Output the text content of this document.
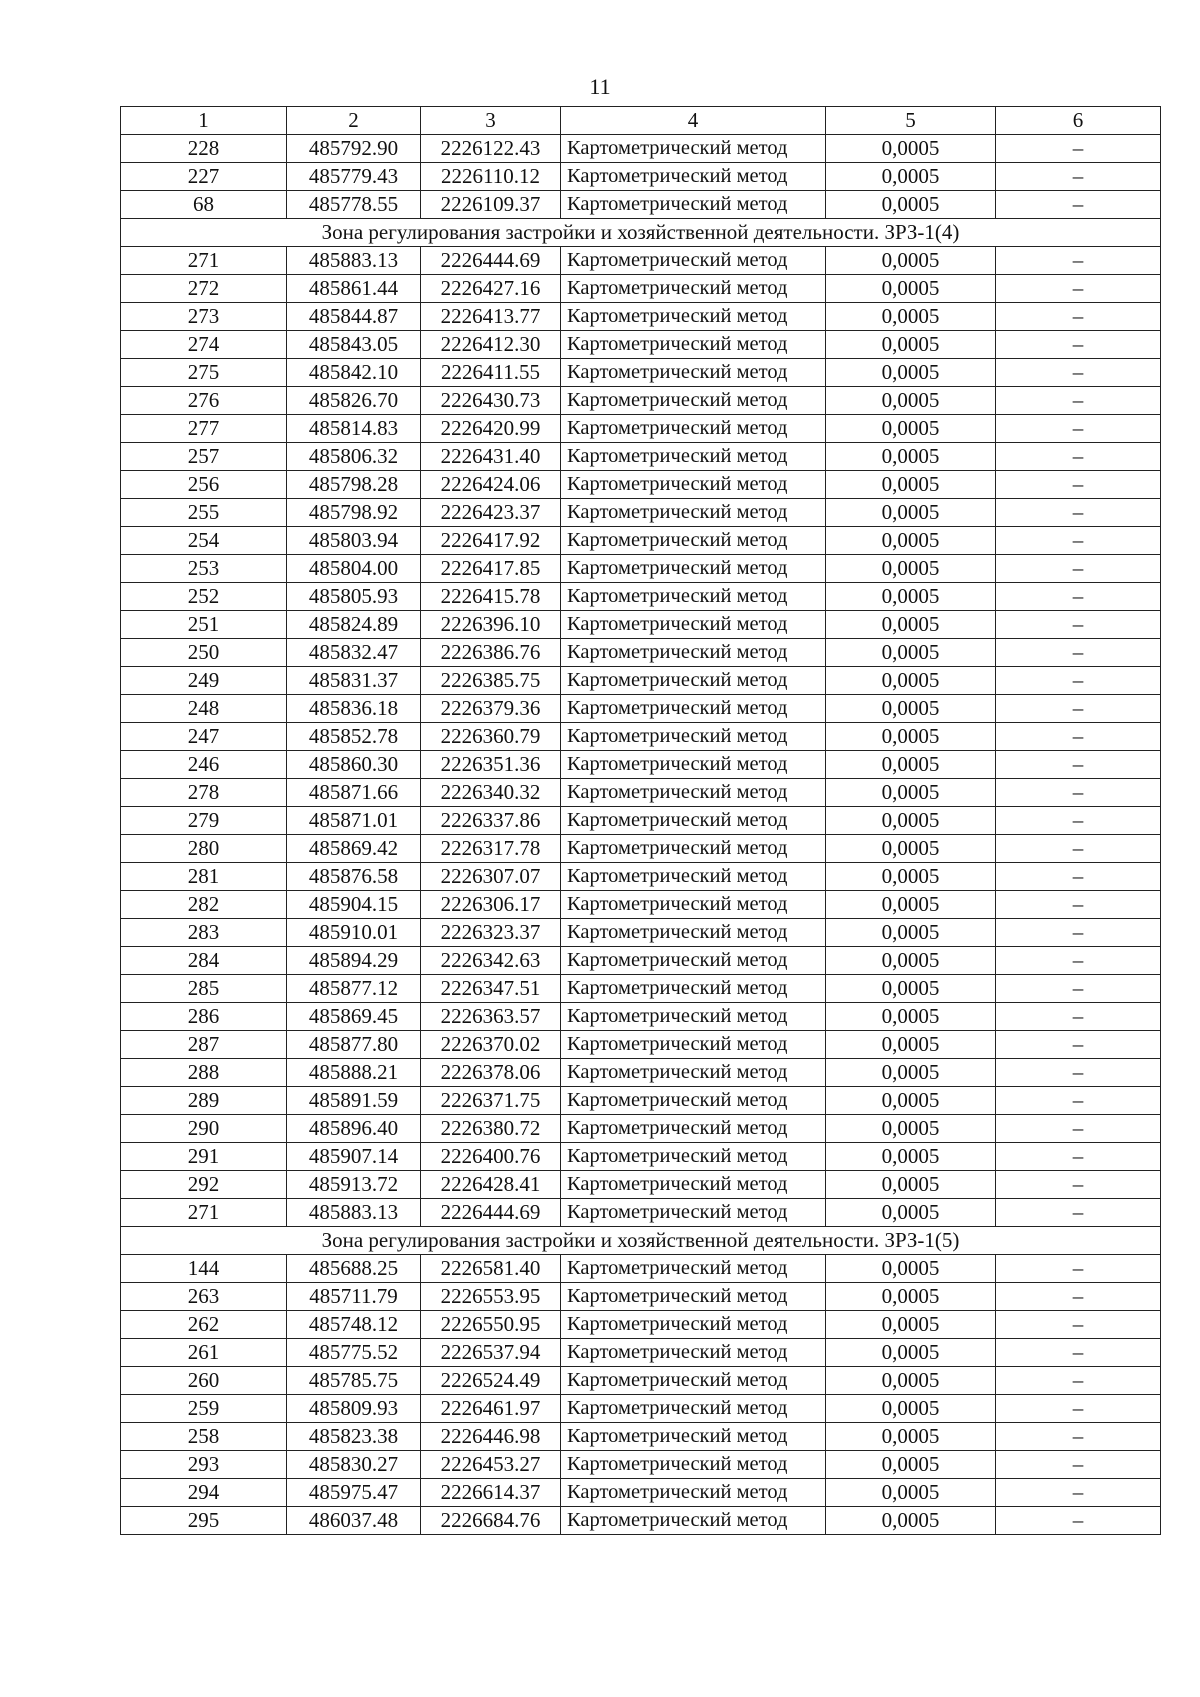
11
1	2	3	4	5	6
228	485792.90	2226122.43	Картометрический метод	0,0005	–
227	485779.43	2226110.12	Картометрический метод	0,0005	–
68	485778.55	2226109.37	Картометрический метод	0,0005	–
Зона регулирования застройки и хозяйственной деятельности. ЗРЗ-1(4)					
271	485883.13	2226444.69	Картометрический метод	0,0005	–
272	485861.44	2226427.16	Картометрический метод	0,0005	–
273	485844.87	2226413.77	Картометрический метод	0,0005	–
274	485843.05	2226412.30	Картометрический метод	0,0005	–
275	485842.10	2226411.55	Картометрический метод	0,0005	–
276	485826.70	2226430.73	Картометрический метод	0,0005	–
277	485814.83	2226420.99	Картометрический метод	0,0005	–
257	485806.32	2226431.40	Картометрический метод	0,0005	–
256	485798.28	2226424.06	Картометрический метод	0,0005	–
255	485798.92	2226423.37	Картометрический метод	0,0005	–
254	485803.94	2226417.92	Картометрический метод	0,0005	–
253	485804.00	2226417.85	Картометрический метод	0,0005	–
252	485805.93	2226415.78	Картометрический метод	0,0005	–
251	485824.89	2226396.10	Картометрический метод	0,0005	–
250	485832.47	2226386.76	Картометрический метод	0,0005	–
249	485831.37	2226385.75	Картометрический метод	0,0005	–
248	485836.18	2226379.36	Картометрический метод	0,0005	–
247	485852.78	2226360.79	Картометрический метод	0,0005	–
246	485860.30	2226351.36	Картометрический метод	0,0005	–
278	485871.66	2226340.32	Картометрический метод	0,0005	–
279	485871.01	2226337.86	Картометрический метод	0,0005	–
280	485869.42	2226317.78	Картометрический метод	0,0005	–
281	485876.58	2226307.07	Картометрический метод	0,0005	–
282	485904.15	2226306.17	Картометрический метод	0,0005	–
283	485910.01	2226323.37	Картометрический метод	0,0005	–
284	485894.29	2226342.63	Картометрический метод	0,0005	–
285	485877.12	2226347.51	Картометрический метод	0,0005	–
286	485869.45	2226363.57	Картометрический метод	0,0005	–
287	485877.80	2226370.02	Картометрический метод	0,0005	–
288	485888.21	2226378.06	Картометрический метод	0,0005	–
289	485891.59	2226371.75	Картометрический метод	0,0005	–
290	485896.40	2226380.72	Картометрический метод	0,0005	–
291	485907.14	2226400.76	Картометрический метод	0,0005	–
292	485913.72	2226428.41	Картометрический метод	0,0005	–
271	485883.13	2226444.69	Картометрический метод	0,0005	–
Зона регулирования застройки и хозяйственной деятельности. ЗРЗ-1(5)					
144	485688.25	2226581.40	Картометрический метод	0,0005	–
263	485711.79	2226553.95	Картометрический метод	0,0005	–
262	485748.12	2226550.95	Картометрический метод	0,0005	–
261	485775.52	2226537.94	Картометрический метод	0,0005	–
260	485785.75	2226524.49	Картометрический метод	0,0005	–
259	485809.93	2226461.97	Картометрический метод	0,0005	–
258	485823.38	2226446.98	Картометрический метод	0,0005	–
293	485830.27	2226453.27	Картометрический метод	0,0005	–
294	485975.47	2226614.37	Картометрический метод	0,0005	–
295	486037.48	2226684.76	Картометрический метод	0,0005	–
